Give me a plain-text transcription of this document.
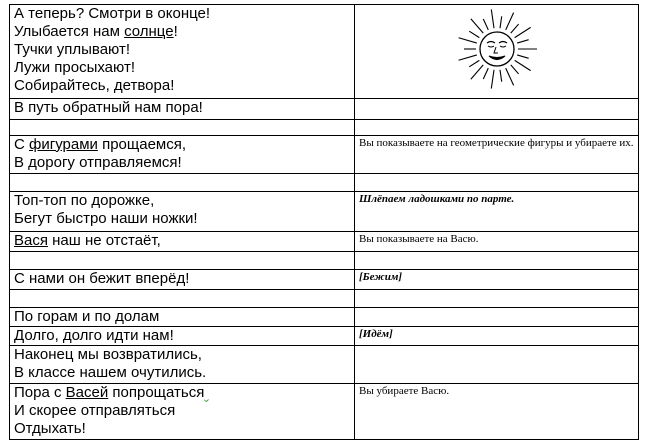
А теперь? Смотри в оконце!
Улыбается нам солнце!
Тучки уплывают!
Лужи просыхают!
Собирайтесь, детвора!

В путь обратный нам пора!	

С фигурами прощаемся,
В дорогу отправляемся!	Вы показываете на геометрические фигуры и убираете их.

Топ-топ по дорожке,
Бегут быстро наши ножки!	Шлёпаем ладошками по парте.

Вася наш не отстаёт,	Вы показываете на Васю.

С нами он бежит вперёд!	[Бежим]

По горам и по долам	

Долго, долго идти нам!	[Идём]

Наконец мы возвратились,
В классе нашем очутились.	

Пора с Васей попрощаться
И скорее отправляться
Отдыхать!	Вы убираете Васю.
